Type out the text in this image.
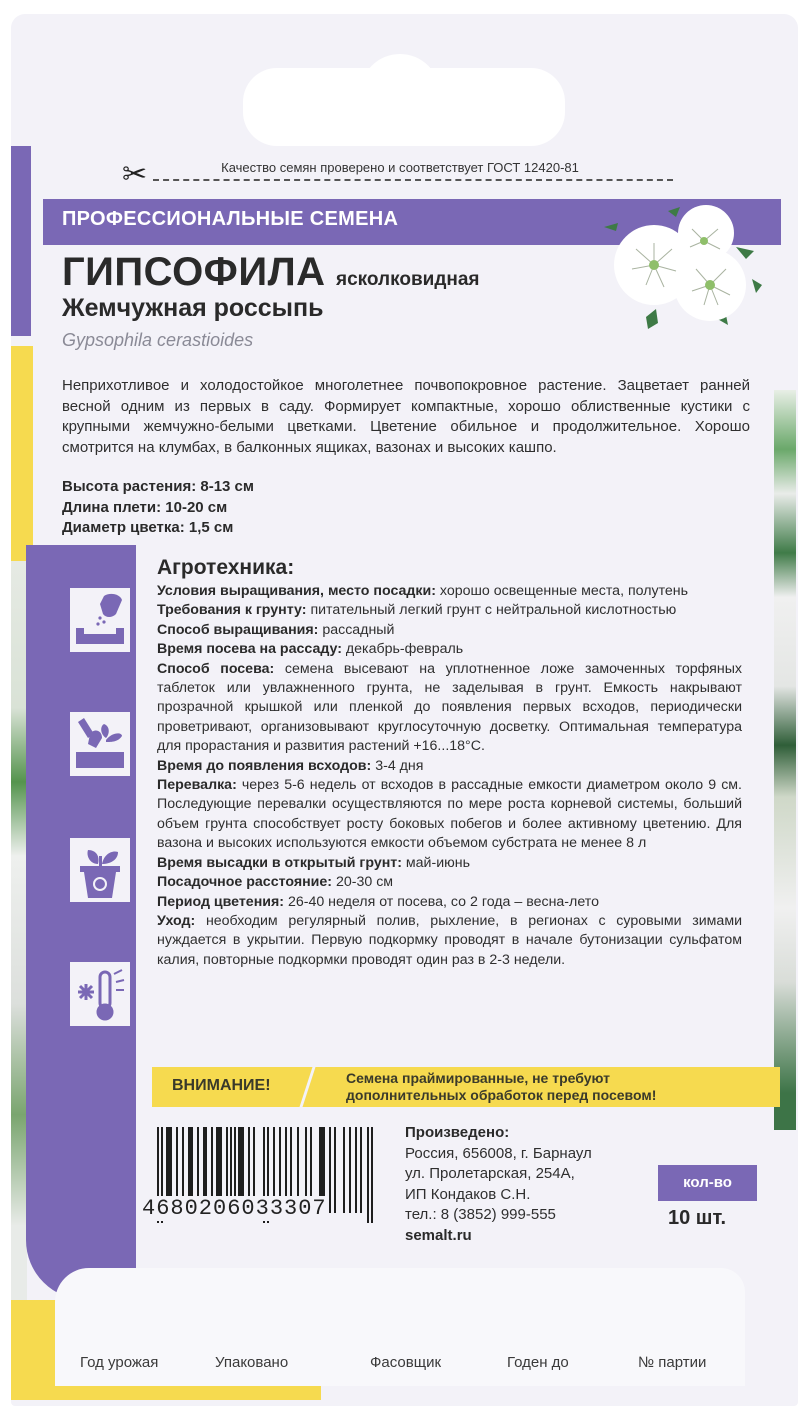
✂	Качество семян проверено и соответствует ГОСТ 12420-81
ПРОФЕССИОНАЛЬНЫЕ СЕМЕНА
ГИПСОФИЛА ясколковидная
Жемчужная россыпь
Gypsophila cerastioides
Неприхотливое и холодостойкое многолетнее почвопокровное растение. Зацветает ранней весной одним из первых в саду. Формирует компактные, хорошо облиственные кустики с крупными жемчужно-белыми цветками. Цветение обильное и продолжительное. Хорошо смотрится на клумбах, в балконных ящиках, вазонах и высоких кашпо.
Высота растения: 8-13 см
Длина плети: 10-20 см
Диаметр цветка: 1,5 см
Агротехника:
Условия выращивания, место посадки: хорошо освещенные места, полутень
Требования к грунту: питательный легкий грунт с нейтральной кислотностью
Способ выращивания: рассадный
Время посева на рассаду: декабрь-февраль
Способ посева: семена высевают на уплотненное ложе замоченных торфяных таблеток или увлажненного грунта, не заделывая в грунт. Емкость накрывают прозрачной крышкой или пленкой до появления первых всходов, периодически проветривают, организовывают круглосуточную досветку. Оптимальная температура для прорастания и развития растений +16...18°С.
Время до появления всходов: 3-4 дня
Перевалка: через 5-6 недель от всходов в рассадные емкости диаметром около 9 см. Последующие перевалки осуществляются по мере роста корневой системы, больший объем грунта способствует росту боковых побегов и более активному цветению. Для вазона и высоких используются емкости объемом субстрата не менее 8 л
Время высадки в открытый грунт: май-июнь
Посадочное расстояние: 20-30 см
Период цветения: 26-40 неделя от посева, со 2 года – весна-лето
Уход: необходим регулярный полив, рыхление, в регионах с суровыми зимами нуждается в укрытии. Первую подкормку проводят в начале бутонизации сульфатом калия, повторные подкормки проводят один раз в 2-3 недели.
ВНИМАНИЕ!	Семена праймированные, не требуют
дополнительных обработок перед посевом!
4680206033307
Произведено:
Россия, 656008, г. Барнаул
ул. Пролетарская, 254А,
ИП Кондаков С.Н.
тел.: 8 (3852) 999-555
semalt.ru
кол-во
10 шт.
Год урожая	Упаковано	Фасовщик	Годен до	№ партии
